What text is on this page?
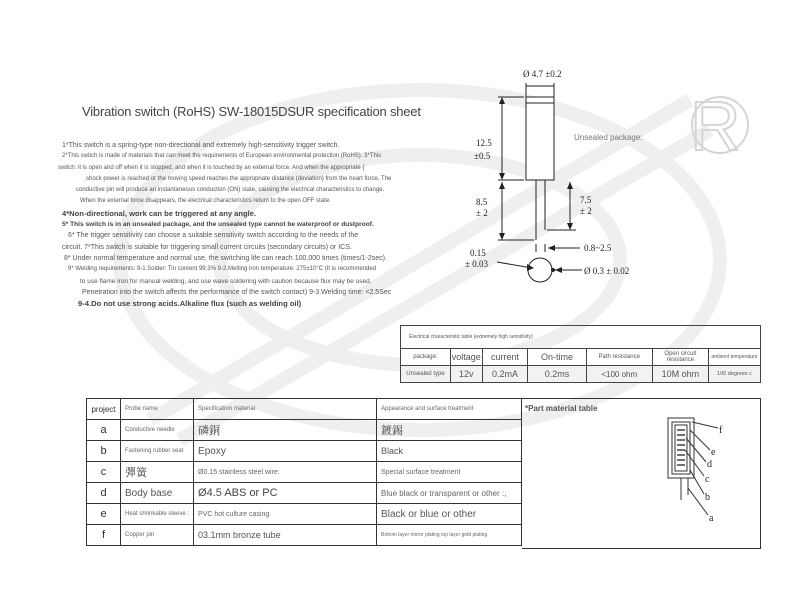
R
Vibration switch (RoHS) SW-18015DSUR specification sheet
1*This switch is a spring-type non-directional and extremely high-sensitivity trigger switch.
2*This switch is made of materials that can meet the requirements of European environmental protection (RoHS). 3*This
switch: it is open and off when it is stopped, and when it is touched by an external force. And when the appropriate {
shock power is reached or the moving speed reaches the appropriate distance (deviation) from the heart force, The
conductive pin will produce an instantaneous conduction (ON) state, causing the electrical characteristics to change.
When the external force disappears, the electrical characteristics return to the open OFF state.
4*Non-directional, work can be triggered at any angle.
5* This switch is in an unsealed package, and the unsealed type cannot be waterproof or dustproof.
6* The trigger sensitivity can choose a suitable sensitivity switch according to the needs of the
circuit. 7*This switch is suitable for triggering small current circuits (secondary circuits) or ICS.
8* Under normal temperature and normal use, the switching life can reach 100,000 times (times/1-2sec).
9* Welding requirements: 9-1.Solder: Tin content 99.3% 9-2.Melting iron temperature: 275±10°C (It is recommended
to use flame iron for manual welding, and use wave soldering with caution because flux may be used.
Penetration into the switch affects the performance of the switch contact) 9-3.Welding time: <2.5Sec
9-4.Do not use strong acids.Alkaline flux (such as welding oil)
Ø 4.7 ±0.2
12.5
±0.5
8.5
± 2
7.5
± 2
0.8~2.5
0.15
± 0.03
Ø 0.3 ± 0.02
Unsealed package:
Electrical characteristic table (extremely high sensitivity)						
package:	voltage	current	On-time	Path resistance	Open circuit resistance	ambient temperature
Unsealed type	12v	0.2mA	0.2ms	<100 ohm	10M ohm	100 degrees c
project	Probe name	Specification material	Appearance and surface treatment
a	Conductive needle	磷銅	鍍錫
b	Fastening rubber seat	Epoxy	Black
c	彈簧	Ø0.15 stainless steel wire:	Special surface treatment
d	Body base	Ø4.5 ABS or PC	Blue black or transparent or other :,
e	Heat shrinkable sleeve :	PVC hot culture casing	Black or blue or other
f	Copper pin	03.1mm bronze tube	Bottom layer mirror plating top layer gold plating
*Part material table
f
e
d
c
b
a
